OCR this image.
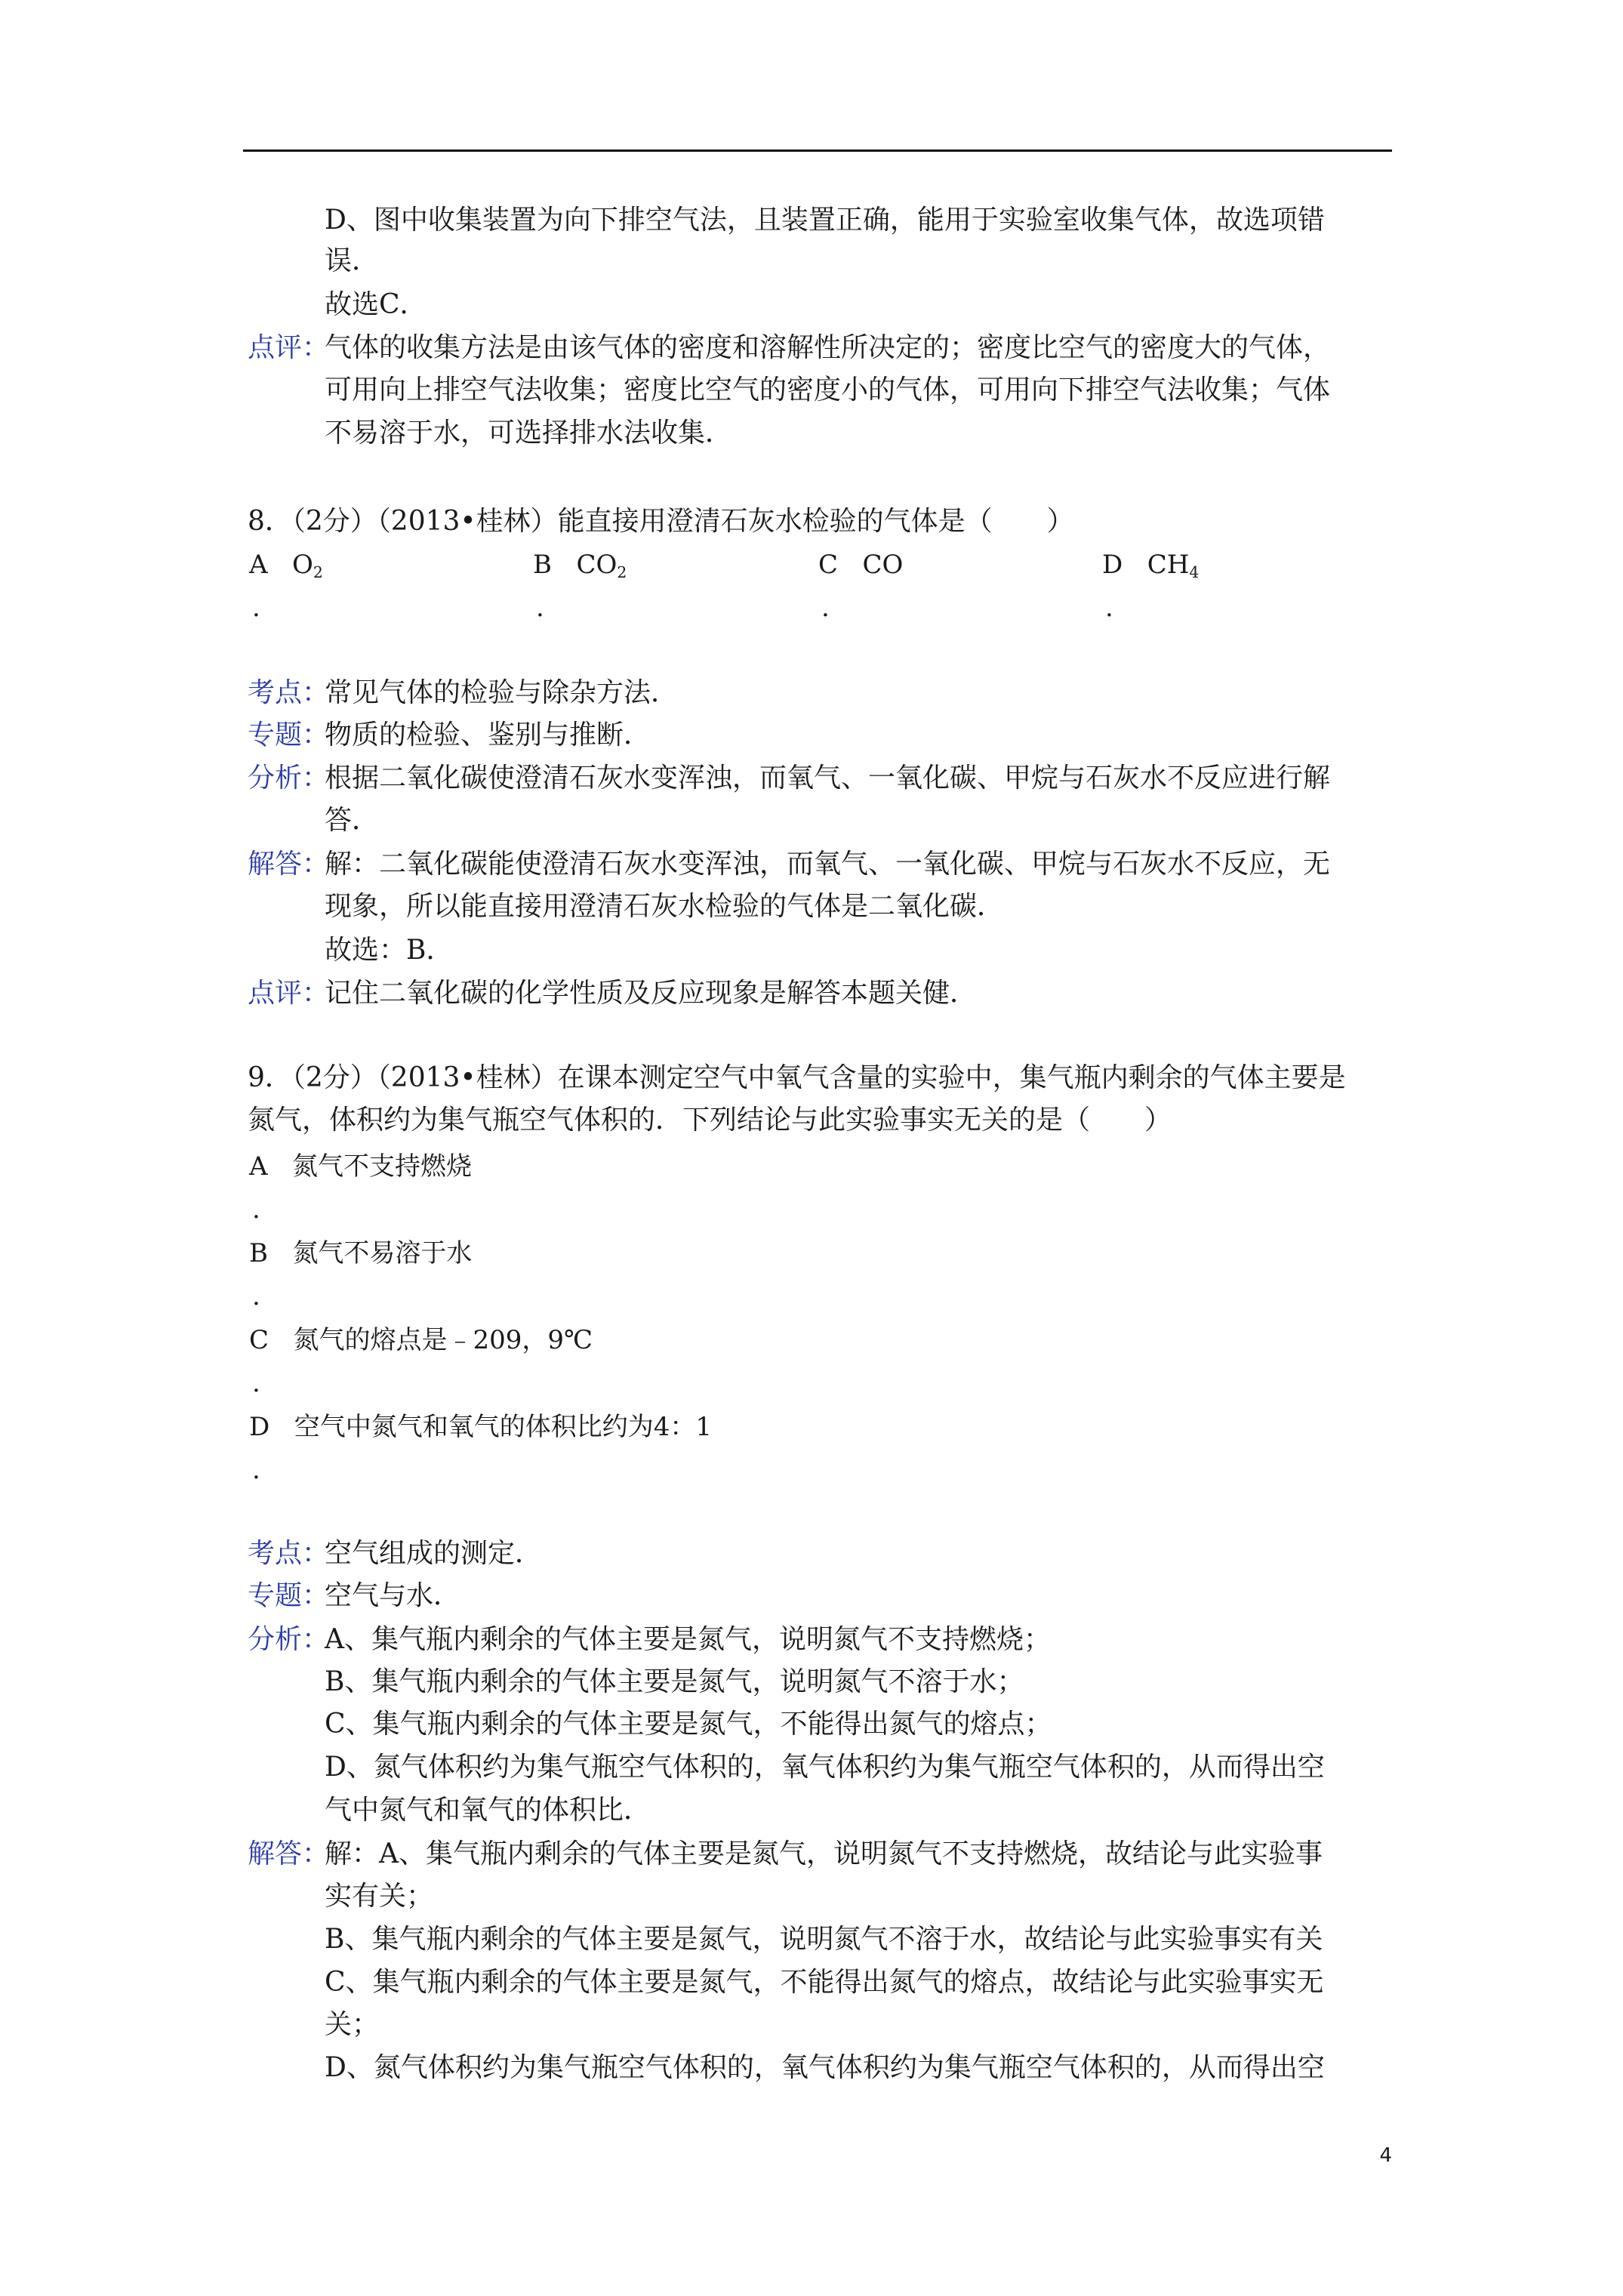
D、图中收集装置为向下排空气法，且装置正确，能用于实验室收集气体，故选项错
误．
故选C．
点评：
气体的收集方法是由该气体的密度和溶解性所决定的；密度比空气的密度大的气体，
可用向上排空气法收集；密度比空气的密度小的气体，可用向下排空气法收集；气体
不易溶于水，可选择排水法收集．
8．（2分）（2013•桂林）能直接用澄清石灰水检验的气体是（　　）
A $O_2$	B $CO_2$	C CO	D $CH_4$
.	.	.	.
考点：
常见气体的检验与除杂方法．
专题：
物质的检验、鉴别与推断．
分析：
根据二氧化碳使澄清石灰水变浑浊，而氧气、一氧化碳、甲烷与石灰水不反应进行解
答．
解答：
解：二氧化碳能使澄清石灰水变浑浊，而氧气、一氧化碳、甲烷与石灰水不反应，无
现象，所以能直接用澄清石灰水检验的气体是二氧化碳．
故选：B．
点评：
记住二氧化碳的化学性质及反应现象是解答本题关健．
9．（2分）（2013•桂林）在课本测定空气中氧气含量的实验中，集气瓶内剩余的气体主要是
氮气，体积约为集气瓶空气体积的．下列结论与此实验事实无关的是（　　）
A 氮气不支持燃烧
.
B 氮气不易溶于水
.
C 氮气的熔点是﹣209，9℃
.
D 空气中氮气和氧气的体积比约为4：1
.
考点：
空气组成的测定．
专题：
空气与水．
分析：
A、集气瓶内剩余的气体主要是氮气，说明氮气不支持燃烧；
B、集气瓶内剩余的气体主要是氮气，说明氮气不溶于水；
C、集气瓶内剩余的气体主要是氮气，不能得出氮气的熔点；
D、氮气体积约为集气瓶空气体积的，氧气体积约为集气瓶空气体积的，从而得出空
气中氮气和氧气的体积比．
解答：
解：A、集气瓶内剩余的气体主要是氮气，说明氮气不支持燃烧，故结论与此实验事
实有关；
B、集气瓶内剩余的气体主要是氮气，说明氮气不溶于水，故结论与此实验事实有关
C、集气瓶内剩余的气体主要是氮气，不能得出氮气的熔点，故结论与此实验事实无
关；
D、氮气体积约为集气瓶空气体积的，氧气体积约为集气瓶空气体积的，从而得出空
4
